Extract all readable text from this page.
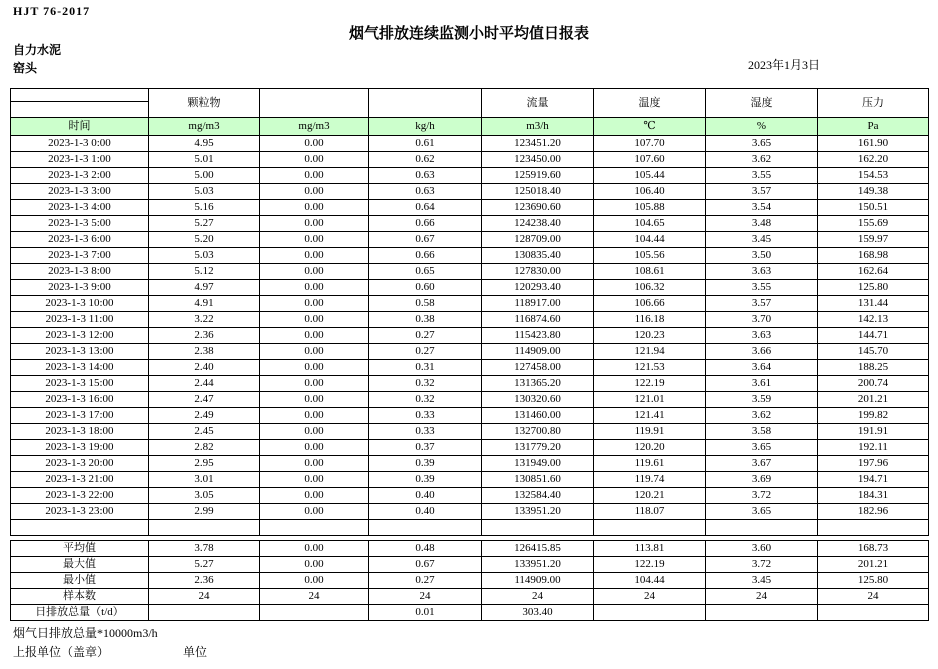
HJT 76-2017
烟气排放连续监测小时平均值日报表
自力水泥
窑头	2023年1月3日
	颗粒物			流量	温度	湿度	压力

时间	mg/m3	mg/m3	kg/h	m3/h	℃	%	Pa
2023-1-3 0:00	4.95	0.00	0.61	123451.20	107.70	3.65	161.90
2023-1-3 1:00	5.01	0.00	0.62	123450.00	107.60	3.62	162.20
2023-1-3 2:00	5.00	0.00	0.63	125919.60	105.44	3.55	154.53
2023-1-3 3:00	5.03	0.00	0.63	125018.40	106.40	3.57	149.38
2023-1-3 4:00	5.16	0.00	0.64	123690.60	105.88	3.54	150.51
2023-1-3 5:00	5.27	0.00	0.66	124238.40	104.65	3.48	155.69
2023-1-3 6:00	5.20	0.00	0.67	128709.00	104.44	3.45	159.97
2023-1-3 7:00	5.03	0.00	0.66	130835.40	105.56	3.50	168.98
2023-1-3 8:00	5.12	0.00	0.65	127830.00	108.61	3.63	162.64
2023-1-3 9:00	4.97	0.00	0.60	120293.40	106.32	3.55	125.80
2023-1-3 10:00	4.91	0.00	0.58	118917.00	106.66	3.57	131.44
2023-1-3 11:00	3.22	0.00	0.38	116874.60	116.18	3.70	142.13
2023-1-3 12:00	2.36	0.00	0.27	115423.80	120.23	3.63	144.71
2023-1-3 13:00	2.38	0.00	0.27	114909.00	121.94	3.66	145.70
2023-1-3 14:00	2.40	0.00	0.31	127458.00	121.53	3.64	188.25
2023-1-3 15:00	2.44	0.00	0.32	131365.20	122.19	3.61	200.74
2023-1-3 16:00	2.47	0.00	0.32	130320.60	121.01	3.59	201.21
2023-1-3 17:00	2.49	0.00	0.33	131460.00	121.41	3.62	199.82
2023-1-3 18:00	2.45	0.00	0.33	132700.80	119.91	3.58	191.91
2023-1-3 19:00	2.82	0.00	0.37	131779.20	120.20	3.65	192.11
2023-1-3 20:00	2.95	0.00	0.39	131949.00	119.61	3.67	197.96
2023-1-3 21:00	3.01	0.00	0.39	130851.60	119.74	3.69	194.71
2023-1-3 22:00	3.05	0.00	0.40	132584.40	120.21	3.72	184.31
2023-1-3 23:00	2.99	0.00	0.40	133951.20	118.07	3.65	182.96

平均值	3.78	0.00	0.48	126415.85	113.81	3.60	168.73
最大值	5.27	0.00	0.67	133951.20	122.19	3.72	201.21
最小值	2.36	0.00	0.27	114909.00	104.44	3.45	125.80
样本数	24	24	24	24	24	24	24
日排放总量（t/d）			0.01	303.40			
烟气日排放总量*10000m3/h
上报单位（盖章）	单位
